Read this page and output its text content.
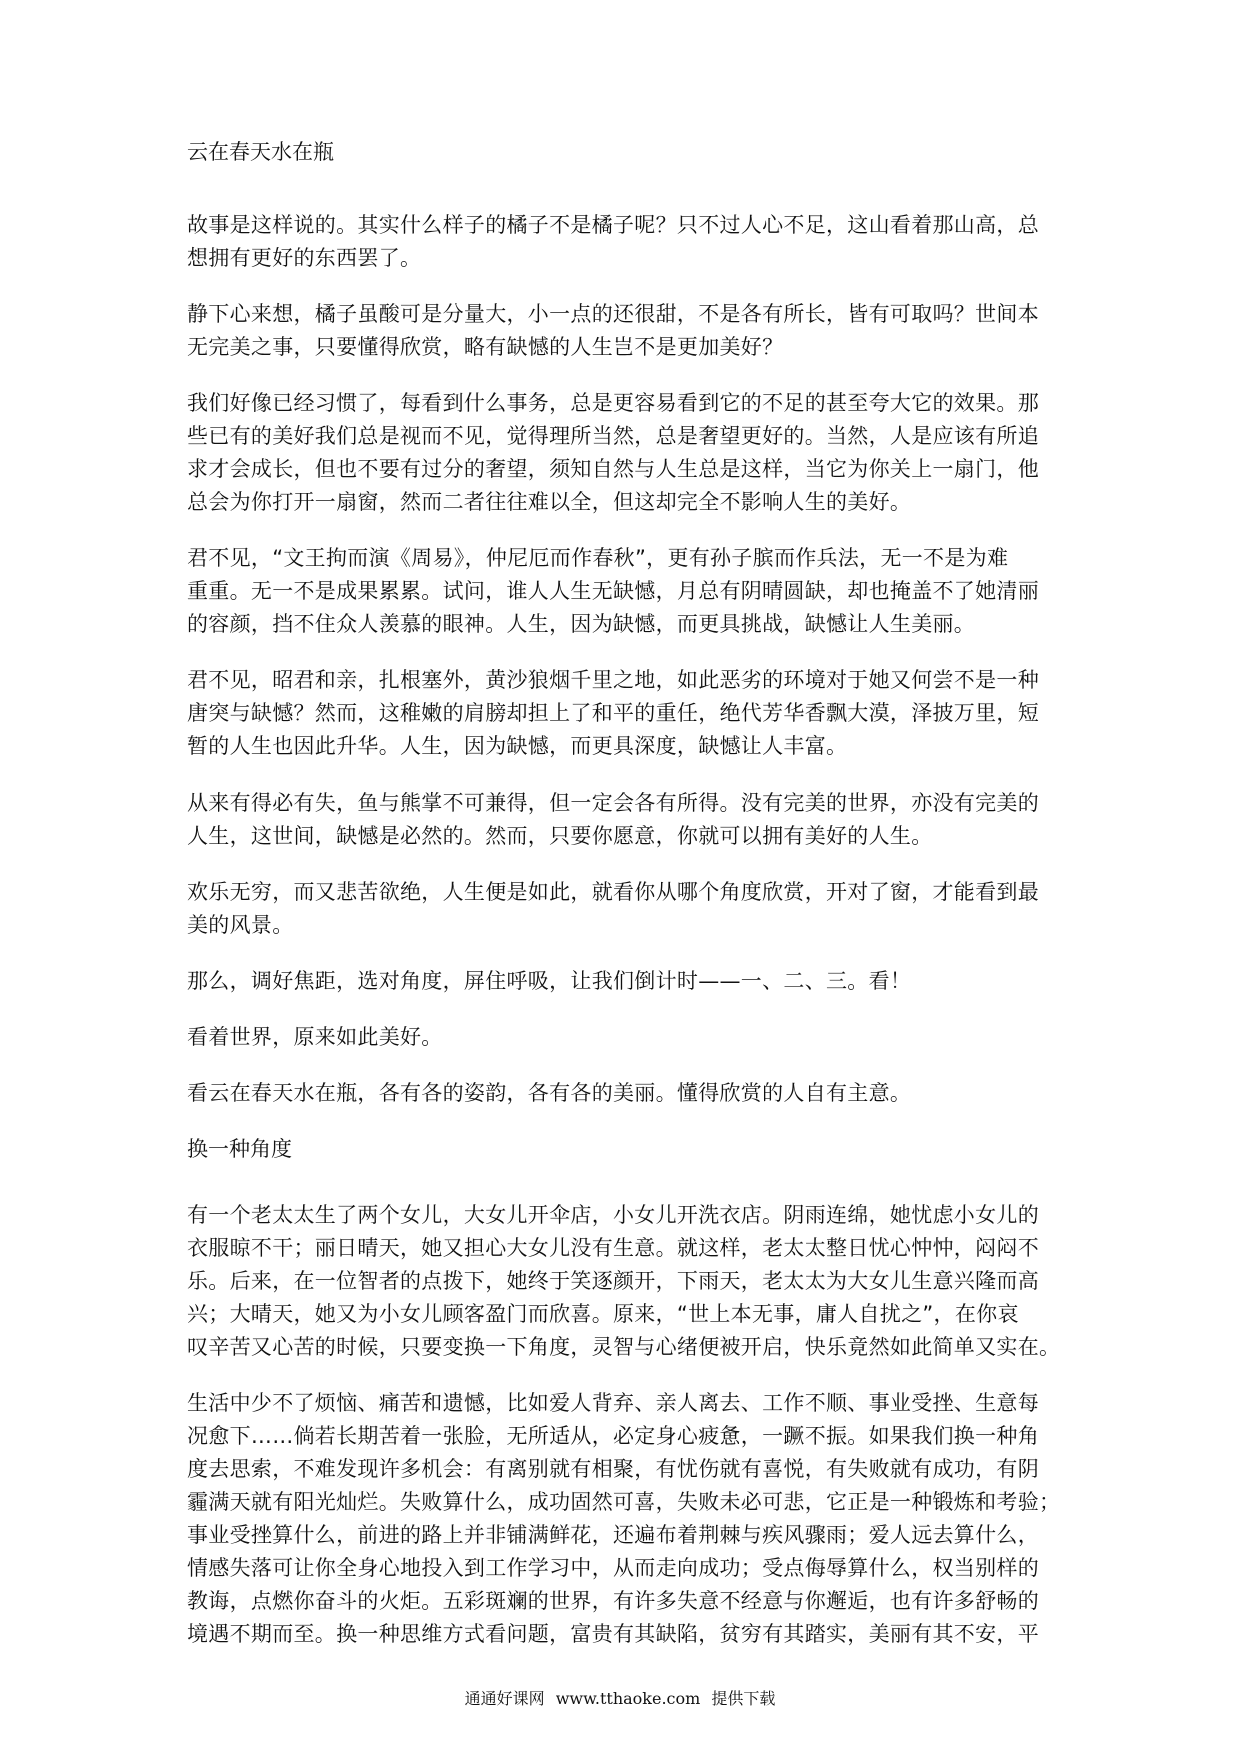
云在春天水在瓶
故事是这样说的。其实什么样子的橘子不是橘子呢？只不过人心不足，这山看着那山高，总
想拥有更好的东西罢了。
静下心来想，橘子虽酸可是分量大，小一点的还很甜，不是各有所长，皆有可取吗？世间本
无完美之事，只要懂得欣赏，略有缺憾的人生岂不是更加美好？
我们好像已经习惯了，每看到什么事务，总是更容易看到它的不足的甚至夸大它的效果。那
些已有的美好我们总是视而不见，觉得理所当然，总是奢望更好的。当然，人是应该有所追
求才会成长，但也不要有过分的奢望，须知自然与人生总是这样，当它为你关上一扇门，他
总会为你打开一扇窗，然而二者往往难以全，但这却完全不影响人生的美好。
君不见，“文王拘而演《周易》，仲尼厄而作春秋”，更有孙子膑而作兵法，无一不是为难
重重。无一不是成果累累。试问，谁人人生无缺憾，月总有阴晴圆缺，却也掩盖不了她清丽
的容颜，挡不住众人羡慕的眼神。人生，因为缺憾，而更具挑战，缺憾让人生美丽。
君不见，昭君和亲，扎根塞外，黄沙狼烟千里之地，如此恶劣的环境对于她又何尝不是一种
唐突与缺憾？然而，这稚嫩的肩膀却担上了和平的重任，绝代芳华香飘大漠，泽披万里，短
暂的人生也因此升华。人生，因为缺憾，而更具深度，缺憾让人丰富。
从来有得必有失，鱼与熊掌不可兼得，但一定会各有所得。没有完美的世界，亦没有完美的
人生，这世间，缺憾是必然的。然而，只要你愿意，你就可以拥有美好的人生。
欢乐无穷，而又悲苦欲绝，人生便是如此，就看你从哪个角度欣赏，开对了窗，才能看到最
美的风景。
那么，调好焦距，选对角度，屏住呼吸，让我们倒计时——一、二、三。看！
看着世界，原来如此美好。
看云在春天水在瓶，各有各的姿韵，各有各的美丽。懂得欣赏的人自有主意。
换一种角度
有一个老太太生了两个女儿，大女儿开伞店，小女儿开洗衣店。阴雨连绵，她忧虑小女儿的
衣服晾不干；丽日晴天，她又担心大女儿没有生意。就这样，老太太整日忧心忡忡，闷闷不
乐。后来，在一位智者的点拨下，她终于笑逐颜开，下雨天，老太太为大女儿生意兴隆而高
兴；大晴天，她又为小女儿顾客盈门而欣喜。原来，“世上本无事，庸人自扰之”，在你哀
叹辛苦又心苦的时候，只要变换一下角度，灵智与心绪便被开启，快乐竟然如此简单又实在。
生活中少不了烦恼、痛苦和遗憾，比如爱人背弃、亲人离去、工作不顺、事业受挫、生意每
况愈下……倘若长期苦着一张脸，无所适从，必定身心疲惫，一蹶不振。如果我们换一种角
度去思索，不难发现许多机会：有离别就有相聚，有忧伤就有喜悦，有失败就有成功，有阴
霾满天就有阳光灿烂。失败算什么，成功固然可喜，失败未必可悲，它正是一种锻炼和考验；
事业受挫算什么，前进的路上并非铺满鲜花，还遍布着荆棘与疾风骤雨；爱人远去算什么，
情感失落可让你全身心地投入到工作学习中，从而走向成功；受点侮辱算什么，权当别样的
教诲，点燃你奋斗的火炬。五彩斑斓的世界，有许多失意不经意与你邂逅，也有许多舒畅的
境遇不期而至。换一种思维方式看问题，富贵有其缺陷，贫穷有其踏实，美丽有其不安，平
通通好课网 www.tthaoke.com 提供下载
